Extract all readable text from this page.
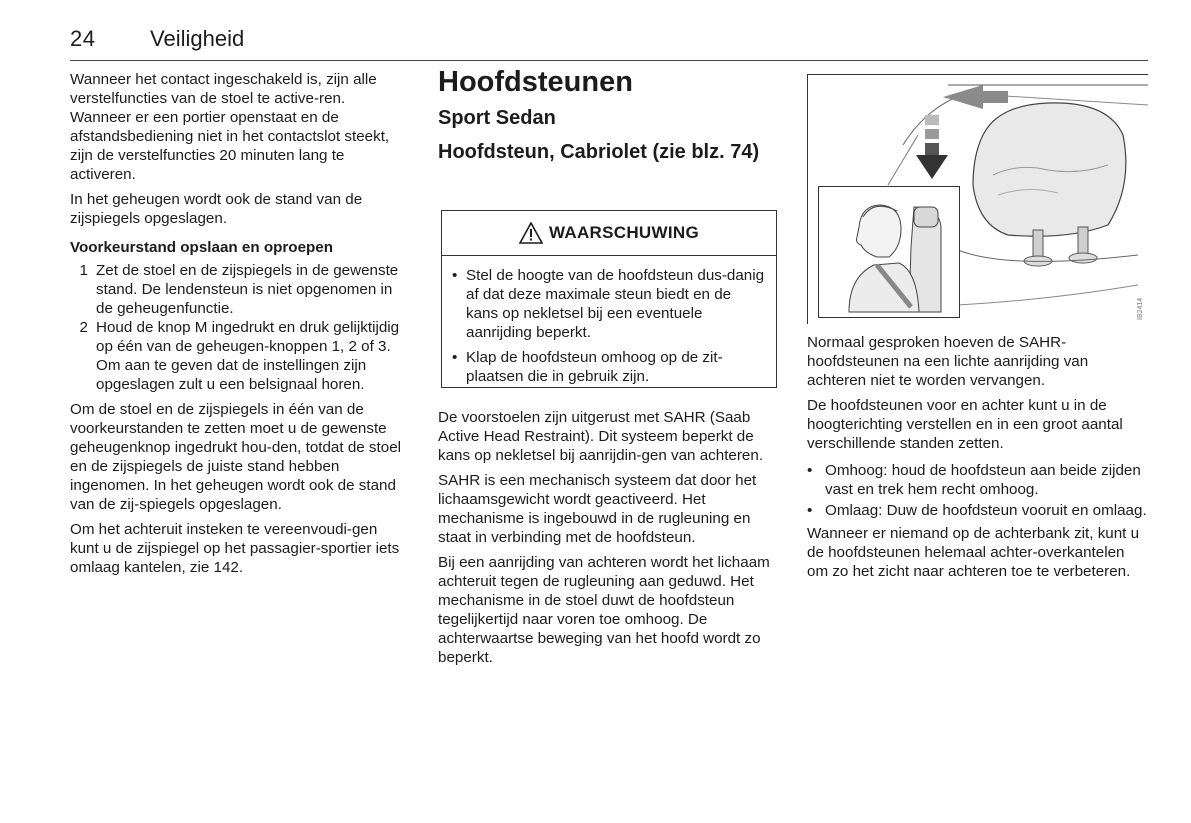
24 Veiligheid

Wanneer het contact ingeschakeld is, zijn alle verstelfuncties van de stoel te active-ren. Wanneer er een portier openstaat en de afstandsbediening niet in het contactslot steekt, zijn de verstelfuncties 20 minuten lang te activeren.

In het geheugen wordt ook de stand van de zijspiegels opgeslagen.

Voorkeurstand opslaan en oproepen
1 Zet de stoel en de zijspiegels in de gewenste stand. De lendensteun is niet opgenomen in de geheugenfunctie.
2 Houd de knop M ingedrukt en druk gelijktijdig op één van de geheugen-knoppen 1, 2 of 3. Om aan te geven dat de instellingen zijn opgeslagen zult u een belsignaal horen.

Om de stoel en de zijspiegels in één van de voorkeurstanden te zetten moet u de gewenste geheugenknop ingedrukt hou-den, totdat de stoel en de zijspiegels de juiste stand hebben ingenomen. In het geheugen wordt ook de stand van de zij-spiegels opgeslagen.

Om het achteruit insteken te vereenvoudi-gen kunt u de zijspiegel op het passagier-sportier iets omlaag kantelen, zie 142.

Hoofdsteunen
Sport Sedan
Hoofdsteun, Cabriolet (zie blz. 74)
WAARSCHUWING
• Stel de hoogte van de hoofdsteun dus-danig af dat deze maximale steun biedt en de kans op nekletsel bij een eventuele aanrijding beperkt.
• Klap de hoofdsteun omhoog op de zit-plaatsen die in gebruik zijn.

De voorstoelen zijn uitgerust met SAHR (Saab Active Head Restraint). Dit systeem beperkt de kans op nekletsel bij aanrijdin-gen van achteren.

SAHR is een mechanisch systeem dat door het lichaamsgewicht wordt geactiveerd. Het mechanisme is ingebouwd in de rugleuning en staat in verbinding met de hoofdsteun.

Bij een aanrijding van achteren wordt het lichaam achteruit tegen de rugleuning aan geduwd. Het mechanisme in de stoel duwt de hoofdsteun tegelijkertijd naar voren toe omhoog. De achterwaartse beweging van het hoofd wordt zo beperkt.

IB2414

Normaal gesproken hoeven de SAHR-hoofdsteunen na een lichte aanrijding van achteren niet te worden vervangen.

De hoofdsteunen voor en achter kunt u in de hoogterichting verstellen en in een groot aantal verschillende standen zetten.

• Omhoog: houd de hoofdsteun aan beide zijden vast en trek hem recht omhoog.
• Omlaag: Duw de hoofdsteun vooruit en omlaag.

Wanneer er niemand op de achterbank zit, kunt u de hoofdsteunen helemaal achter-overkantelen om zo het zicht naar achteren toe te verbeteren.
